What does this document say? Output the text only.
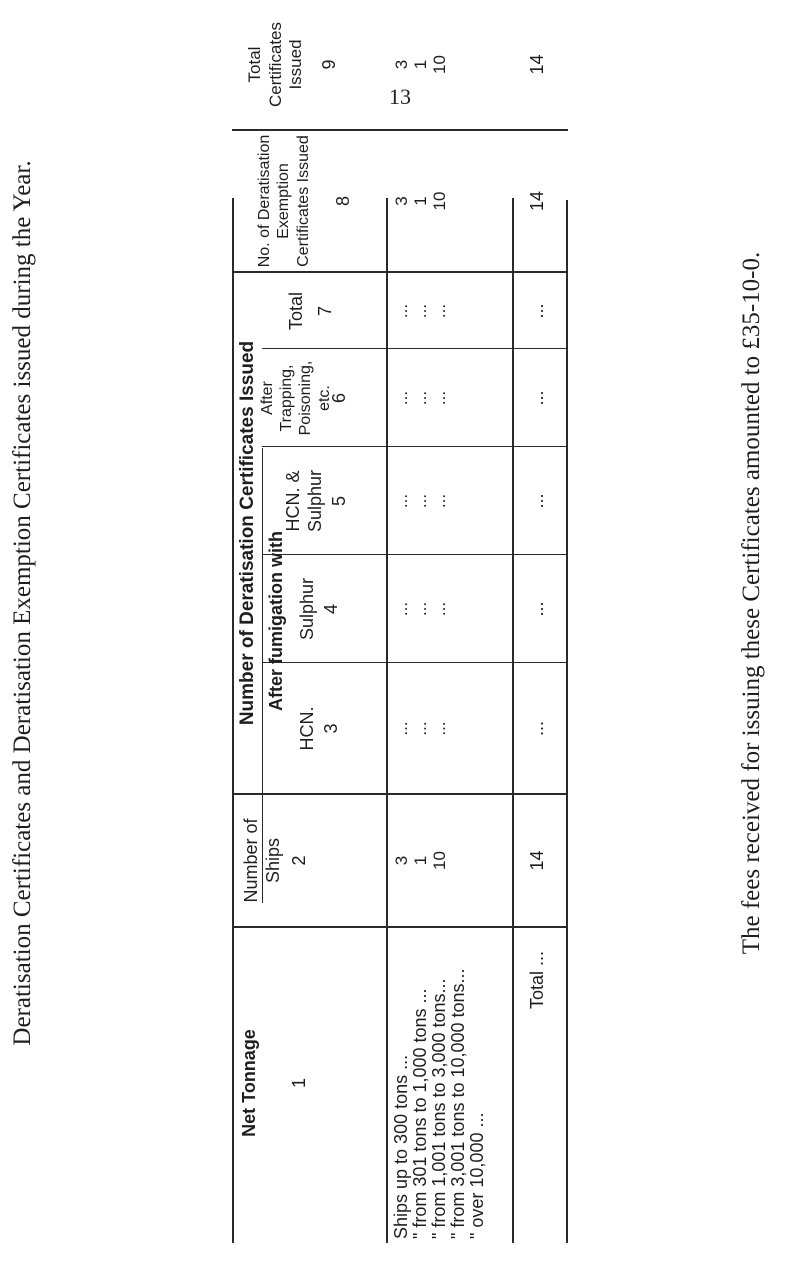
13
Deratisation Certificates and Deratisation Exemption Certificates issued during the Year.	The fees received for issuing these Certificates amounted to £35-10-0.
Net Tonnage 1
Number of Ships 2
Number of Deratisation Certificates Issued After fumigation with
HCN. 3
Sulphur 4
HCN. & Sulphur 5
After Trapping, Poisoning, etc.
6
Total 7
No. of Deratisation Exemption Certificates Issued	8
Total Certificates Issued 9
Ships up to 300 tons ... " from 301 tons to 1,000 tons ... " from 1,001 tons to 3,000 tons... " from 3,001 tons to 10,000 tons... " over 10,000 ...
3 1 10

... ... ...
... ... ...
... ... ...
... ... ...
... ... ...
3 1 10
3 1 10
Total ...
14
...
...
...
...
...
14
14
